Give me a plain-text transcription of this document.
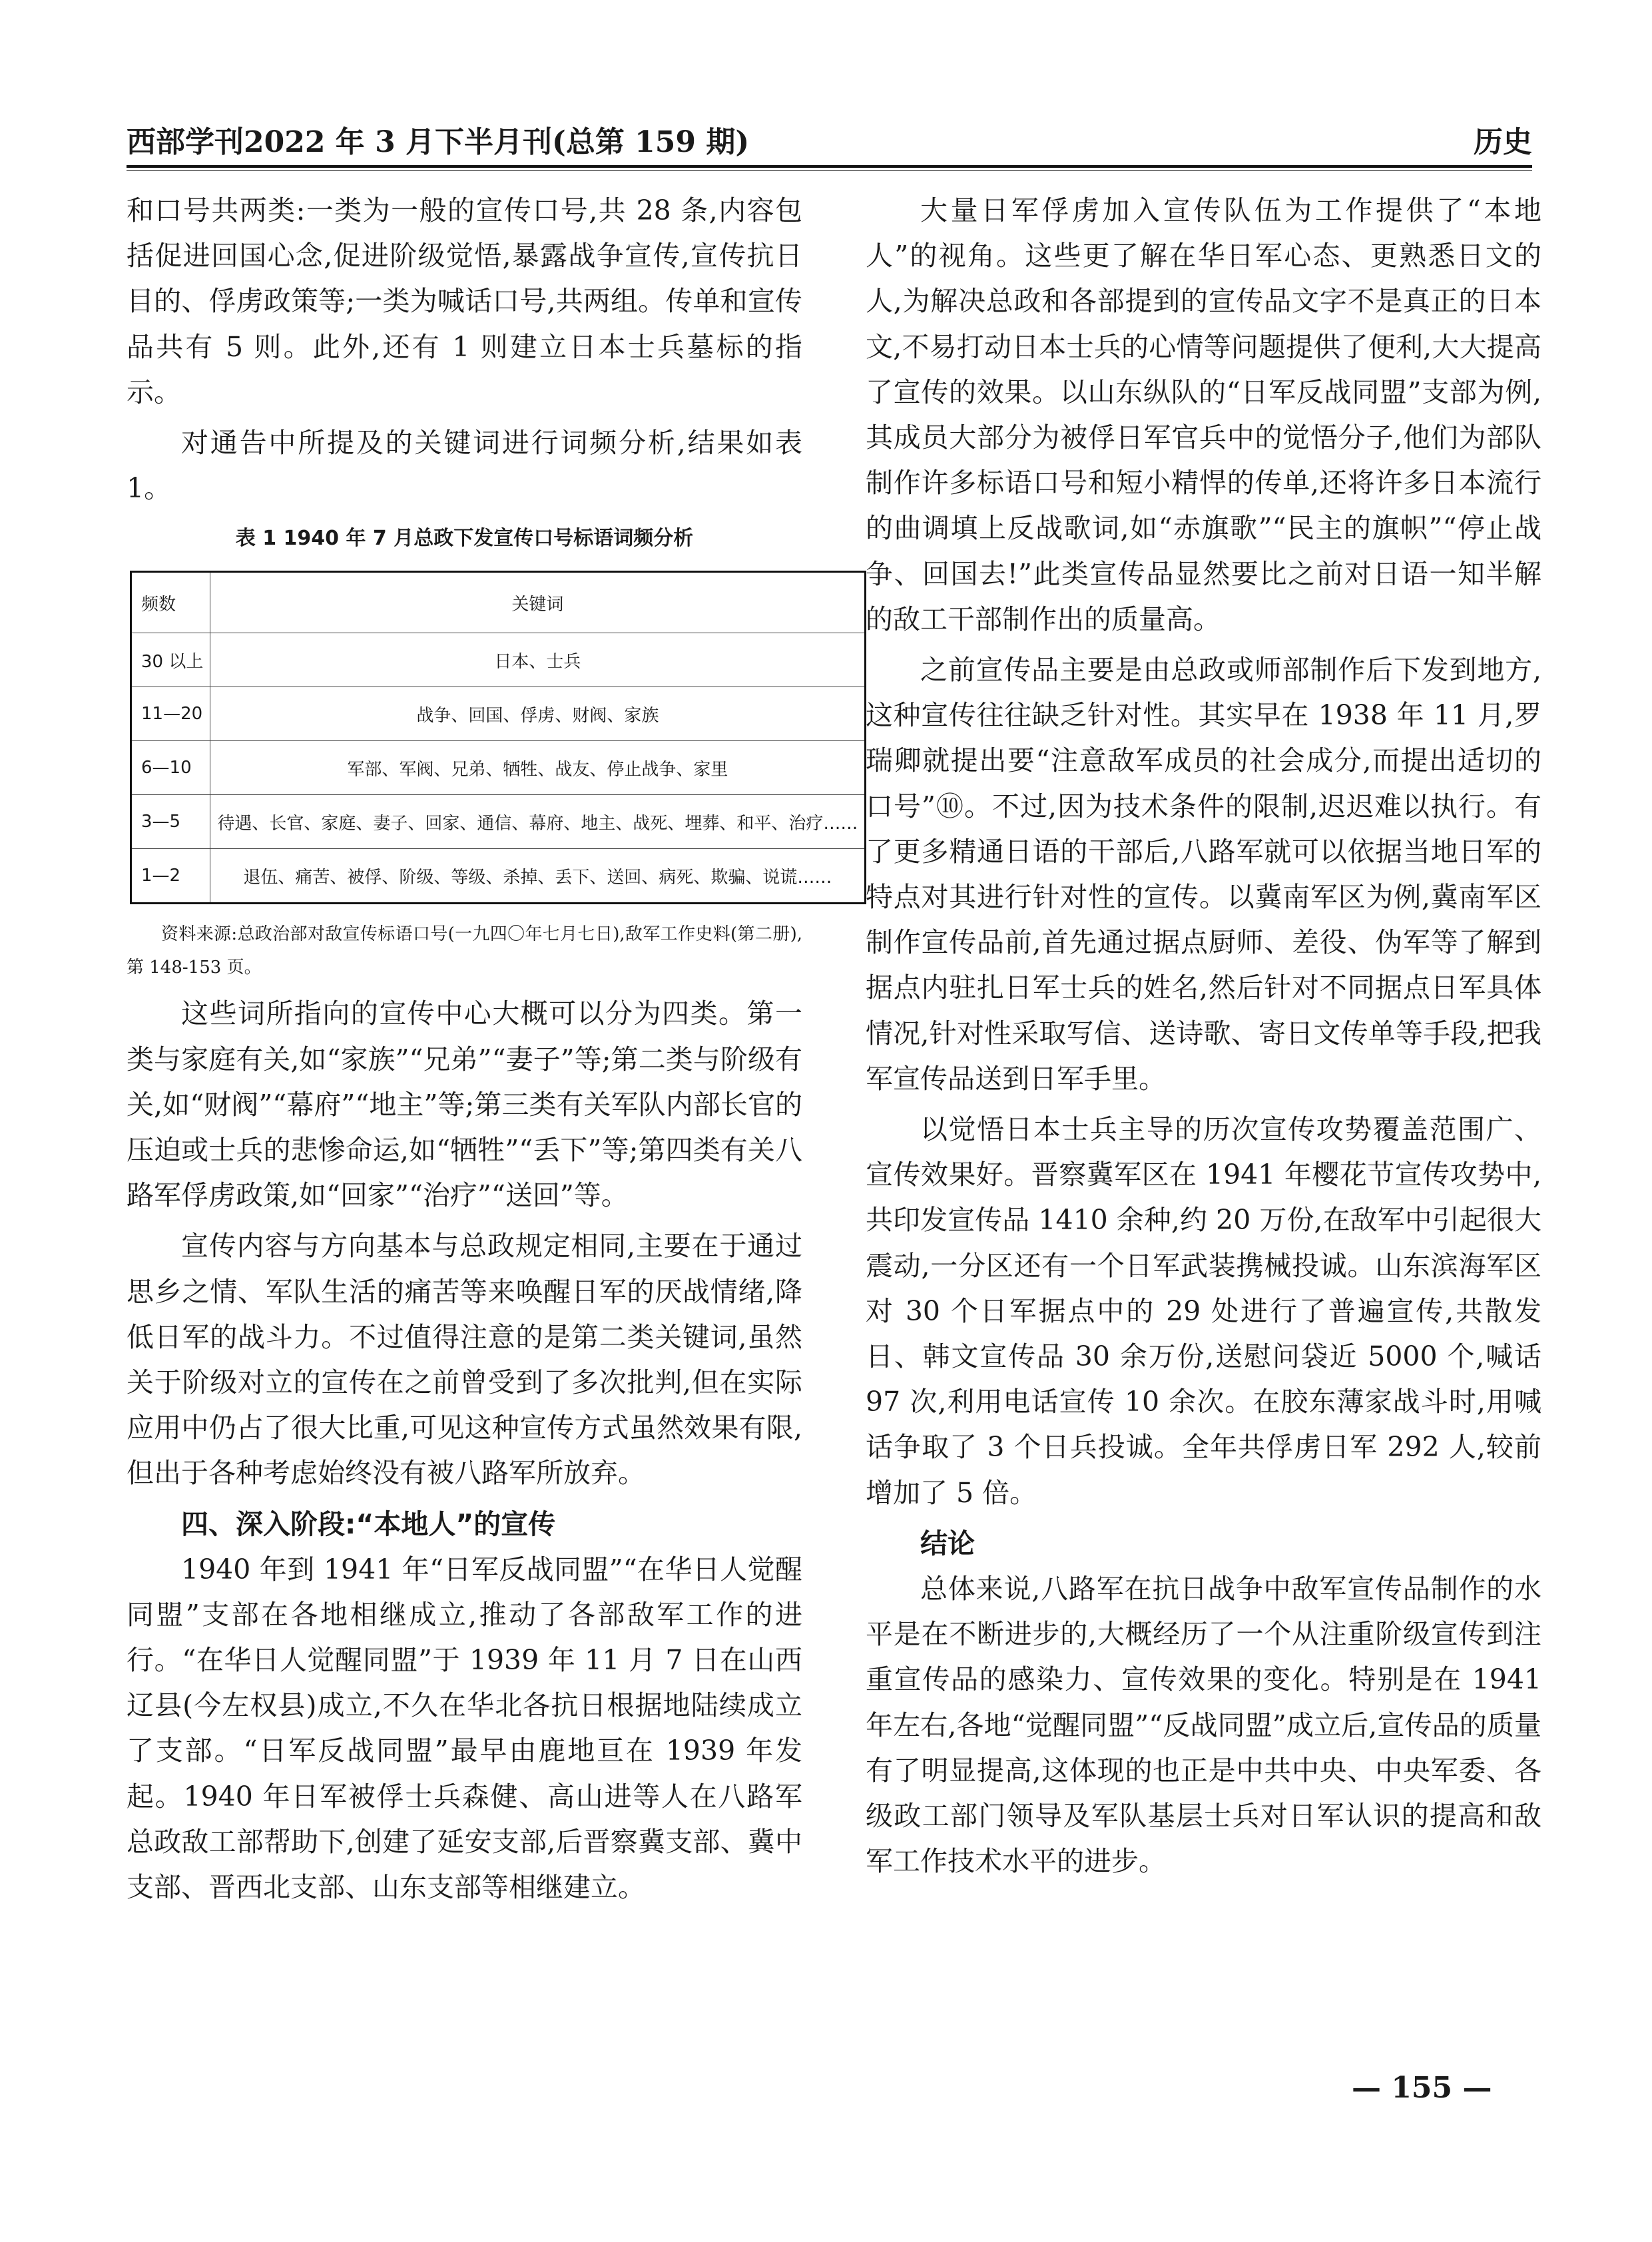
西部学刊2022 年 3 月下半月刊(总第 159 期)	历史

和口号共两类:一类为一般的宣传口号,共 28 条,内容包括促进回国心念,促进阶级觉悟,暴露战争宣传,宣传抗日目的、俘虏政策等;一类为喊话口号,共两组。传单和宣传品共有 5 则。此外,还有 1 则建立日本士兵墓标的指示。

对通告中所提及的关键词进行词频分析,结果如表 1。

表 1 1940 年 7 月总政下发宣传口号标语词频分析
频数	关键词
30 以上	日本、士兵
11—20	战争、回国、俘虏、财阀、家族
6—10	军部、军阀、兄弟、牺牲、战友、停止战争、家里
3—5	待遇、长官、家庭、妻子、回家、通信、幕府、地主、战死、埋葬、和平、治疗……
1—2	退伍、痛苦、被俘、阶级、等级、杀掉、丢下、送回、病死、欺骗、说谎……
资料来源:总政治部对敌宣传标语口号(一九四〇年七月七日),敌军工作史料(第二册),第 148-153 页。

这些词所指向的宣传中心大概可以分为四类。第一类与家庭有关,如“家族”“兄弟”“妻子”等;第二类与阶级有关,如“财阀”“幕府”“地主”等;第三类有关军队内部长官的压迫或士兵的悲惨命运,如“牺牲”“丢下”等;第四类有关八路军俘虏政策,如“回家”“治疗”“送回”等。

宣传内容与方向基本与总政规定相同,主要在于通过思乡之情、军队生活的痛苦等来唤醒日军的厌战情绪,降低日军的战斗力。不过值得注意的是第二类关键词,虽然关于阶级对立的宣传在之前曾受到了多次批判,但在实际应用中仍占了很大比重,可见这种宣传方式虽然效果有限,但出于各种考虑始终没有被八路军所放弃。

四、深入阶段:“本地人”的宣传

1940 年到 1941 年“日军反战同盟”“在华日人觉醒同盟”支部在各地相继成立,推动了各部敌军工作的进行。“在华日人觉醒同盟”于 1939 年 11 月 7 日在山西辽县(今左权县)成立,不久在华北各抗日根据地陆续成立了支部。“日军反战同盟”最早由鹿地亘在 1939 年发起。1940 年日军被俘士兵森健、高山进等人在八路军总政敌工部帮助下,创建了延安支部,后晋察冀支部、冀中支部、晋西北支部、山东支部等相继建立。

大量日军俘虏加入宣传队伍为工作提供了“本地人”的视角。这些更了解在华日军心态、更熟悉日文的人,为解决总政和各部提到的宣传品文字不是真正的日本文,不易打动日本士兵的心情等问题提供了便利,大大提高了宣传的效果。以山东纵队的“日军反战同盟”支部为例,其成员大部分为被俘日军官兵中的觉悟分子,他们为部队制作许多标语口号和短小精悍的传单,还将许多日本流行的曲调填上反战歌词,如“赤旗歌”“民主的旗帜”“停止战争、回国去!”此类宣传品显然要比之前对日语一知半解的敌工干部制作出的质量高。

之前宣传品主要是由总政或师部制作后下发到地方,这种宣传往往缺乏针对性。其实早在 1938 年 11 月,罗瑞卿就提出要“注意敌军成员的社会成分,而提出适切的口号”⑩。不过,因为技术条件的限制,迟迟难以执行。有了更多精通日语的干部后,八路军就可以依据当地日军的特点对其进行针对性的宣传。以冀南军区为例,冀南军区制作宣传品前,首先通过据点厨师、差役、伪军等了解到据点内驻扎日军士兵的姓名,然后针对不同据点日军具体情况,针对性采取写信、送诗歌、寄日文传单等手段,把我军宣传品送到日军手里。

以觉悟日本士兵主导的历次宣传攻势覆盖范围广、宣传效果好。晋察冀军区在 1941 年樱花节宣传攻势中,共印发宣传品 1410 余种,约 20 万份,在敌军中引起很大震动,一分区还有一个日军武装携械投诚。山东滨海军区对 30 个日军据点中的 29 处进行了普遍宣传,共散发日、韩文宣传品 30 余万份,送慰问袋近 5000 个,喊话 97 次,利用电话宣传 10 余次。在胶东薄家战斗时,用喊话争取了 3 个日兵投诚。全年共俘虏日军 292 人,较前增加了 5 倍。

结论

总体来说,八路军在抗日战争中敌军宣传品制作的水平是在不断进步的,大概经历了一个从注重阶级宣传到注重宣传品的感染力、宣传效果的变化。特别是在 1941 年左右,各地“觉醒同盟”“反战同盟”成立后,宣传品的质量有了明显提高,这体现的也正是中共中央、中央军委、各级政工部门领导及军队基层士兵对日军认识的提高和敌军工作技术水平的进步。

— 155 —
